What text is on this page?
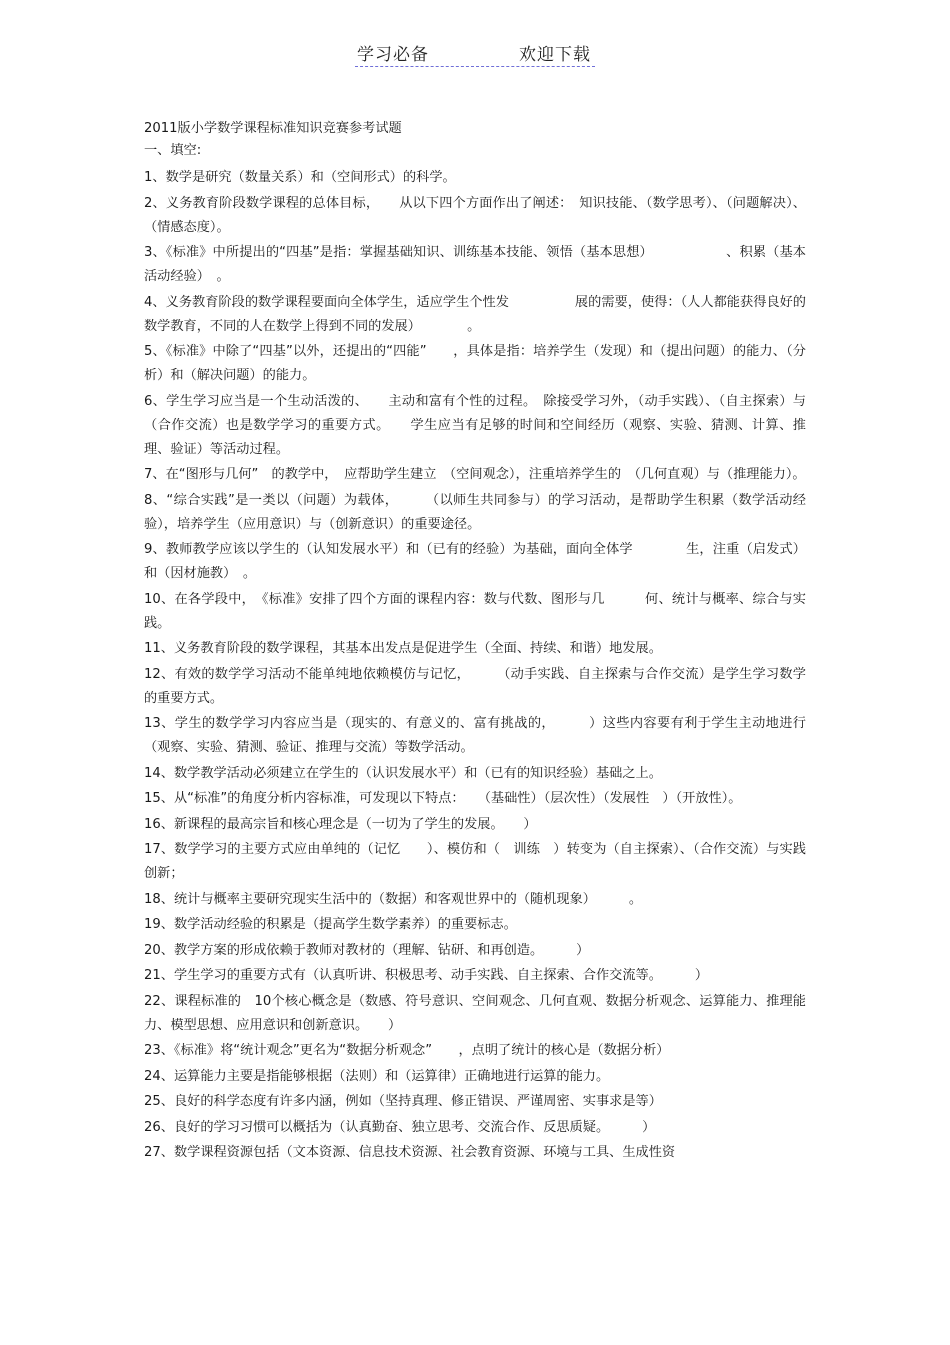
学习必备	欢迎下载

2011版小学数学课程标准知识竞赛参考试题

一、填空:

1、数学是研究（数量关系）和（空间形式）的科学。

2、义务教育阶段数学课程的总体目标，　　从以下四个方面作出了阐述：　知识技能、（数学思考）、（问题解决）、（情感态度）。

3、《标准》中所提出的“四基”是指：掌握基础知识、训练基本技能、领悟（基本思想）　　　　　　、积累（基本活动经验）　。

4、义务教育阶段的数学课程要面向全体学生，适应学生个性发　　　　　展的需要，使得：（人人都能获得良好的数学教育，不同的人在数学上得到不同的发展）　　　　。

5、《标准》中除了“四基”以外，还提出的“四能”　　，具体是指：培养学生（发现）和（提出问题）的能力、（分析）和（解决问题）的能力。

6、学生学习应当是一个生动活泼的、　　主动和富有个性的过程。　除接受学习外，（动手实践）、（自主探索）与（合作交流）也是数学学习的重要方式。　　学生应当有足够的时间和空间经历（观察、实验、猜测、计算、推理、验证）等活动过程。

7、在“图形与几何”　的教学中，　应帮助学生建立　（空间观念），注重培养学生的　（几何直观）与（推理能力）。

8、“综合实践”是一类以（问题）为载体，　　　（以师生共同参与）的学习活动，是帮助学生积累（数学活动经验），培养学生（应用意识）与（创新意识）的重要途径。

9、教师教学应该以学生的（认知发展水平）和（已有的经验）为基础，面向全体学　　　　生，注重（启发式）和（因材施教）　。

10、在各学段中，　《标准》安排了四个方面的课程内容：数与代数、图形与几　　　何、统计与概率、综合与实践。

11、义务教育阶段的数学课程，其基本出发点是促进学生（全面、持续、和谐）地发展。

12、有效的数学学习活动不能单纯地依赖模仿与记忆，　　　（动手实践、自主探索与合作交流）是学生学习数学的重要方式。

13、学生的数学学习内容应当是（现实的、有意义的、富有挑战的，　　　）这些内容要有利于学生主动地进行（观察、实验、猜测、验证、推理与交流）等数学活动。

14、数学教学活动必须建立在学生的（认识发展水平）和（已有的知识经验）基础之上。

15、从“标准”的角度分析内容标准，可发现以下特点：　　（基础性）（层次性）（发展性　）（开放性）。

16、新课程的最高宗旨和核心理念是（一切为了学生的发展。　　）

17、数学学习的主要方式应由单纯的（记忆　　）、模仿和（　训练　）转变为（自主探索）、（合作交流）与实践创新；

18、统计与概率主要研究现实生活中的（数据）和客观世界中的（随机现象）　　　。

19、数学活动经验的积累是（提高学生数学素养）的重要标志。

20、教学方案的形成依赖于教师对教材的（理解、钻研、和再创造。　　　）

21、学生学习的重要方式有（认真听讲、积极思考、动手实践、自主探索、合作交流等。　　　）

22、课程标准的　10个核心概念是（数感、符号意识、空间观念、几何直观、数据分析观念、运算能力、推理能力、模型思想、应用意识和创新意识。　　）

23、《标准》将“统计观念”更名为“数据分析观念”　　，点明了统计的核心是（数据分析）

24、运算能力主要是指能够根据（法则）和（运算律）正确地进行运算的能力。

25、良好的科学态度有许多内涵，例如（坚持真理、修正错误、严谨周密、实事求是等）

26、良好的学习习惯可以概括为（认真勤奋、独立思考、交流合作、反思质疑。　　　）

27、数学课程资源包括（文本资源、信息技术资源、社会教育资源、环境与工具、生成性资
